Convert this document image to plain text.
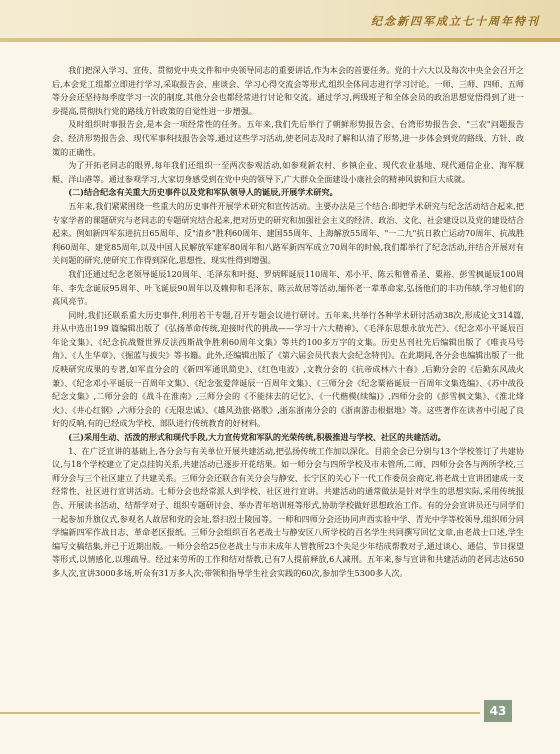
纪念新四军成立七十周年特刊

我们把深入学习、宣传、贯彻党中央文件和中央领导同志的重要讲话,作为本会的首要任务。党的十六大以及每次中央全会召开之后,本会党工组都立即进行学习,采取报告会、座谈会、学习心得交流会等形式,组织全体同志进行学习讨论。一师、三师、四师、五师等分会还坚持每季度学习一次的制度,其他分会也都经常进行讨论和交流。通过学习,两级班子和全体会员的政治思想觉悟得到了进一步提高,贯彻执行党的路线方针政策的自觉性进一步增强。

及时组织时事报告会,是本会一项经常性的任务。五年来,我们先后举行了朝鲜形势报告会、台湾形势报告会、"三农"问题报告会、经济形势报告会、现代军事科技报告会等,通过这些学习活动,使老同志及时了解和认清了形势,进一步体会到党的路线、方针、政策的正确性。

为了开拓老同志的眼界,每年我们还组织一至两次参观活动,如参观新农村、乡镇企业、现代农业基地、现代通信企业、海军舰艇、洋山港等。通过参观学习,大家切身感受到在党中央的领导下,广大群众全面建设小康社会的精神风貌和巨大成就。

(二)结合纪念有关重大历史事件以及党和军队领导人的诞辰,开展学术研究。

五年来,我们紧紧围绕一些重大的历史事件开展学术研究和宣传活动。主要办法是三个结合:即把学术研究与纪念活动结合起来,把专家学者的课题研究与老同志的专题研究结合起来,把对历史的研究和加强社会主义的经济、政治、文化、社会建设以及党的建设结合起来。例如新四军东进抗日65周年、反"清乡"胜利60周年、建国55周年、上海解放55周年、"一二九"抗日救亡运动70周年、抗战胜利60周年、建党85周年,以及中国人民解放军建军80周年和八路军新四军成立70周年的时候,我们都举行了纪念活动,并结合开展对有关问题的研究,使研究工作得到深化,思想性、现实性得到增强。

我们还通过纪念老领导诞辰120周年、毛泽东和叶挺、罗炳辉诞辰110周年、邓小平、陈云和曾希圣、粟裕、彭雪枫诞辰100周年、李先念诞辰95周年、叶飞诞辰90周年以及赖仰和毛泽东、陈云故居等活动,缅怀老一辈革命家,弘扬他们的丰功伟绩,学习他们的高风亮节。

同时,我们还联系重大历史事件,利用若干专题,召开专题会议进行研讨。五年来,共举行各种学术研讨活动38次,形成论文314篇, 并从中选出199 篇编辑出版了《弘扬革命传统,迎接时代的挑战——学习十六大精神》、《毛泽东思想永放光芒》、《纪念邓小平诞辰百年论文集》、《纪念抗战暨世界反法西斯战争胜利60周年文集》等共约100多万字的文集。历史丛刊社先后编辑出版了《唯丧马号角》、《人生华章》、《掘蓝与拔尖》等书籍。此外,还编辑出版了《第六届会员代表大会纪念特刊》。在此期间,各分会也编辑出版了一批反映研究成果的专著,如军直分会的《新四军通讯简史》、《红色电波》,文教分会的《抗帝成林六十春》,后勤分会的《后勤东风战火兼》、《纪念邓小平诞辰一百周年文集》、《纪念张爱萍诞辰一百周年文集》、《三师分会《纪念粟裕诞辰一百周年文集选编》、《苏中战役纪念文集》,二师分会的《战斗在淮南》,三师分会的《不能抹去的记忆》、《一代楷模(续编)》,四师分会的《彭雪枫文集》、《淮北烽火》、《井心红钢》,六师分会的《无限忠诚》、《雄风劲旅·路歌》,浙东浙南分会的《浙南游击根据地》等。这些著作在读者中引起了良好的反响,有的已经成为学校、部队进行传统教育的好材料。

(三)采用生动、活泼的形式和现代手段,大力宣传党和军队的光荣传统,积极推进与学校、社区的共建活动。

1、在广泛宣讲的基础上,各分会与有关单位开展共建活动,把弘扬传统工作加以深化。目前全会已分别与13个学校签订了共建协议,与18个学校建立了定点挂钩关系,共建活动已逐步开花结果。如一师分会与四所学校及市未管所,二师、四师分会各与两所学校,三师分会与三个社区建立了共建关系。三师分会还联合有关分会与静安、长宁区的关心下一代工作委员会商定,将老战士宣讲团建成一支经常性、社区进行宣讲活动。七师分会也经常派人到学校、社区进行宣讲。共建活动的通常做法是针对学生的思想实际,采用传统报告、开展读书活动、结帮学对子、组织专题研讨会、举办青年培训班等形式,协助学校做好思想政治工作。有的分会宣讲员还与同学们一起参加升旗仪式,参观名人故居和党的会址,祭扫烈士陵园等。一师和四师分会还协同声西实验中学、青光中学等校领导,组织师分同学编新四军作战日志、革命老区报纸。三师分会组织百名老战士与静安区八所学校的百名学生共同撰写回忆文章,由老战士口述,学生编写文稿结集,并已于近期出版。一师分会给25位老战士与市未成年人管教所23个失足少年结成帮教对子,通过谈心、通信、节日探望等形式,以情感化,以理疏导。经过来劳所的工作和结对帮教,已有7人提前释放,6人减刑。五年来,参与宣讲和共建活动的老同志达650多人次,宣讲3000多场,听众有31万多人次;带领和指导学生社会实践的60次,参加学生5300多人次。

43
